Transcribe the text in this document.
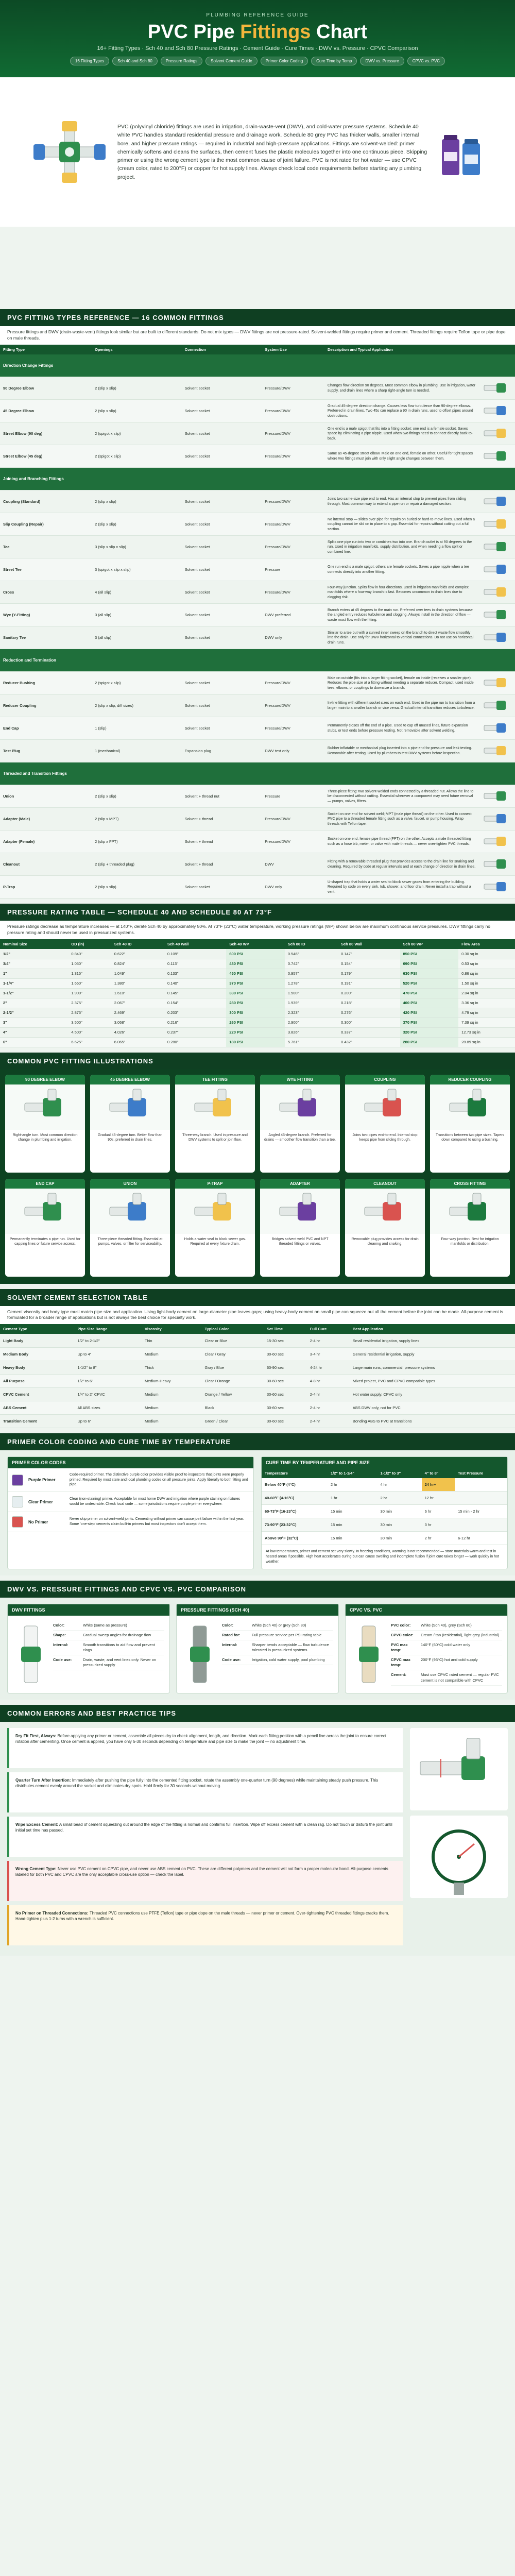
PLUMBING REFERENCE GUIDE
PVC Pipe Fittings Chart
16+ Fitting Types · Sch 40 and Sch 80 Pressure Ratings · Cement Guide · Cure Times · DWV vs. Pressure · CPVC Comparison
16 Fitting Types	Sch 40 and Sch 80	Pressure Ratings	Solvent Cement Guide	Primer Color Coding	Cure Time by Temp	DWV vs. Pressure	CPVC vs. PVC

PVC (polyvinyl chloride) fittings are used in irrigation, drain-waste-vent (DWV), and cold-water pressure systems. Schedule 40 white PVC handles standard residential pressure and drainage work. Schedule 80 grey PVC has thicker walls, smaller internal bore, and higher pressure ratings — required in industrial and high-pressure applications. Fittings are solvent-welded: primer chemically softens and cleans the surfaces, then cement fuses the plastic molecules together into one continuous piece. Skipping primer or using the wrong cement type is the most common cause of joint failure. PVC is not rated for hot water — use CPVC (cream color, rated to 200°F) or copper for hot supply lines. Always check local code requirements before starting any plumbing project.

PVC FITTING TYPES REFERENCE — 16 COMMON FITTINGS
Pressure fittings and DWV (drain-waste-vent) fittings look similar but are built to different standards. Do not mix types — DWV fittings are not pressure-rated. Solvent-welded fittings require primer and cement. Threaded fittings require Teflon tape or pipe dope on male threads.
Fitting Type	Openings	Connection	System Use	Description and Typical Application	
Direction Change Fittings					
90 Degree Elbow	2 (slip x slip)	Solvent socket	Pressure/DWV	Changes flow direction 90 degrees. Most common elbow in plumbing. Use in irrigation, water supply, and drain lines where a sharp right-angle turn is needed.	
45 Degree Elbow	2 (slip x slip)	Solvent socket	Pressure/DWV	Gradual 45-degree direction change. Causes less flow turbulence than 90-degree elbows. Preferred in drain lines. Two 45s can replace a 90 in drain runs, used to offset pipes around obstructions.	
Street Elbow (90 deg)	2 (spigot x slip)	Solvent socket	Pressure/DWV	One end is a male spigot that fits into a fitting socket; one end is a female socket. Saves space by eliminating a pipe nipple. Used when two fittings need to connect directly back-to-back.	
Street Elbow (45 deg)	2 (spigot x slip)	Solvent socket	Pressure/DWV	Same as 45-degree street elbow. Male on one end, female on other. Useful for tight spaces where two fittings must join with only slight angle changes between them.	
Joining and Branching Fittings					
Coupling (Standard)	2 (slip x slip)	Solvent socket	Pressure/DWV	Joins two same-size pipe end to end. Has an internal stop to prevent pipes from sliding through. Most common way to extend a pipe run or repair a damaged section.	
Slip Coupling (Repair)	2 (slip x slip)	Solvent socket	Pressure/DWV	No internal stop — slides over pipe for repairs on buried or hard-to-move lines. Used when a coupling cannot be slid on in place to a gap. Essential for repairs without cutting out a full section.	
Tee	3 (slip x slip x slip)	Solvent socket	Pressure/DWV	Splits one pipe run into two or combines two into one. Branch outlet is at 90 degrees to the run. Used in irrigation manifolds, supply distribution, and when needing a flow split or combined line.	
Street Tee	3 (spigot x slip x slip)	Solvent socket	Pressure	One run end is a male spigot; others are female sockets. Saves a pipe nipple when a tee connects directly into another fitting.	
Cross	4 (all slip)	Solvent socket	Pressure/DWV	Four-way junction. Splits flow in four directions. Used in irrigation manifolds and complex manifolds where a four-way branch is fast. Becomes uncommon in drain lines due to clogging risk.	
Wye (Y-Fitting)	3 (all slip)	Solvent socket	DWV preferred	Branch enters at 45 degrees to the main run. Preferred over tees in drain systems because the angled entry reduces turbulence and clogging. Always install in the direction of flow — waste must flow with the fitting.	
Sanitary Tee	3 (all slip)	Solvent socket	DWV only	Similar to a tee but with a curved inner sweep on the branch to direct waste flow smoothly into the drain. Use only for DWV horizontal to vertical connections. Do not use on horizontal drain runs.	
Reduction and Termination					
Reducer Bushing	2 (spigot x slip)	Solvent socket	Pressure/DWV	Male on outside (fits into a larger fitting socket), female on inside (receives a smaller pipe). Reduces the pipe size at a fitting without needing a separate reducer. Compact, used inside tees, elbows, or couplings to downsize a branch.	
Reducer Coupling	2 (slip x slip, diff sizes)	Solvent socket	Pressure/DWV	In-line fitting with different socket sizes on each end. Used in the pipe run to transition from a larger main to a smaller branch or vice versa. Gradual internal transition reduces turbulence.	
End Cap	1 (slip)	Solvent socket	Pressure/DWV	Permanently closes off the end of a pipe. Used to cap off unused lines, future expansion stubs, or test ends before pressure testing. Not removable after solvent welding.	
Test Plug	1 (mechanical)	Expansion plug	DWV test only	Rubber inflatable or mechanical plug inserted into a pipe end for pressure and leak testing. Removable after testing. Used by plumbers to test DWV systems before inspection.	
Threaded and Transition Fittings					
Union	2 (slip x slip)	Solvent + thread nut	Pressure	Three-piece fitting: two solvent-welded ends connected by a threaded nut. Allows the line to be disconnected without cutting. Essential wherever a component may need future removal — pumps, valves, filters.	
Adapter (Male)	2 (slip x MPT)	Solvent + thread	Pressure/DWV	Socket on one end for solvent weld; MPT (male pipe thread) on the other. Used to connect PVC pipe to a threaded female fitting such as a valve, faucet, or pump housing. Wrap threads with Teflon tape.	
Adapter (Female)	2 (slip x FPT)	Solvent + thread	Pressure/DWV	Socket on one end, female pipe thread (FPT) on the other. Accepts a male threaded fitting such as a hose bib, meter, or valve with male threads — never over-tighten PVC threads.	
Cleanout	2 (slip + threaded plug)	Solvent + thread	DWV	Fitting with a removable threaded plug that provides access to the drain line for snaking and cleaning. Required by code at regular intervals and at each change of direction in drain lines.	
P-Trap	2 (slip x slip)	Solvent socket	DWV only	U-shaped trap that holds a water seal to block sewer gases from entering the building. Required by code on every sink, tub, shower, and floor drain. Never install a trap without a vent.	
PRESSURE RATING TABLE — SCHEDULE 40 AND SCHEDULE 80 AT 73°F
Pressure ratings decrease as temperature increases — at 140°F, derate Sch 40 by approximately 50%. At 73°F (23°C) water temperature, working pressure ratings (WP) shown below are maximum continuous service pressures. DWV fittings carry no pressure rating and should never be used in pressurized systems.
Nominal Size	OD (in)	Sch 40 ID	Sch 40 Wall	Sch 40 WP	Sch 80 ID	Sch 80 Wall	Sch 80 WP	Flow Area
1/2"	0.840"	0.622"	0.109"	600 PSI	0.546"	0.147"	850 PSI	0.30 sq in
3/4"	1.050"	0.824"	0.113"	480 PSI	0.742"	0.154"	690 PSI	0.53 sq in
1"	1.315"	1.049"	0.133"	450 PSI	0.957"	0.179"	630 PSI	0.86 sq in
1-1/4"	1.660"	1.380"	0.140"	370 PSI	1.278"	0.191"	520 PSI	1.50 sq in
1-1/2"	1.900"	1.610"	0.145"	330 PSI	1.500"	0.200"	470 PSI	2.04 sq in
2"	2.375"	2.067"	0.154"	280 PSI	1.939"	0.218"	400 PSI	3.36 sq in
2-1/2"	2.875"	2.469"	0.203"	300 PSI	2.323"	0.276"	420 PSI	4.79 sq in
3"	3.500"	3.068"	0.216"	260 PSI	2.900"	0.300"	370 PSI	7.39 sq in
4"	4.500"	4.026"	0.237"	220 PSI	3.826"	0.337"	320 PSI	12.73 sq in
6"	6.625"	6.065"	0.280"	180 PSI	5.761"	0.432"	280 PSI	28.89 sq in
COMMON PVC FITTING ILLUSTRATIONS
90 DEGREE ELBOW
Right-angle turn. Most common direction change in plumbing and irrigation.
45 DEGREE ELBOW
Gradual 45-degree turn. Better flow than 90s, preferred in drain lines.
TEE FITTING
Three-way branch. Used in pressure and DWV systems to split or join flow.
WYE FITTING
Angled 45-degree branch. Preferred for drains — smoother flow transition than a tee.
COUPLING
Joins two pipes end-to-end. Internal stop keeps pipe from sliding through.
REDUCER COUPLING
Transitions between two pipe sizes. Tapers down compared to using a bushing.
END CAP
Permanently terminates a pipe run. Used for capping lines or future service access.
UNION
Three-piece threaded fitting. Essential at pumps, valves, or filter for serviceability.
P-TRAP
Holds a water seal to block sewer gas. Required at every fixture drain.
ADAPTER
Bridges solvent weld PVC and NPT threaded fittings or valves.
CLEANOUT
Removable plug provides access for drain cleaning and snaking.
CROSS FITTING
Four-way junction. Best for irrigation manifolds or distribution.
SOLVENT CEMENT SELECTION TABLE
Cement viscosity and body type must match pipe size and application. Using light-body cement on large-diameter pipe leaves gaps; using heavy-body cement on small pipe can squeeze out all the cement before the joint can be made. All-purpose cement is formulated for a broader range of applications but is not always the best choice for specialty work.
Cement Type	Pipe Size Range	Viscosity	Typical Color	Set Time	Full Cure	Best Application
Light Body	1/2" to 2-1/2"	Thin	Clear or Blue	15-30 sec	2-4 hr	Small residential irrigation, supply lines
Medium Body	Up to 4"	Medium	Clear / Gray	30-60 sec	3-4 hr	General residential irrigation, supply
Heavy Body	1-1/2" to 8"	Thick	Gray / Blue	60-90 sec	4-24 hr	Large main runs, commercial, pressure systems
All Purpose	1/2" to 6"	Medium-Heavy	Clear / Orange	30-60 sec	4-8 hr	Mixed project, PVC and CPVC compatible types
CPVC Cement	1/4" to 2" CPVC	Medium	Orange / Yellow	30-60 sec	2-4 hr	Hot water supply, CPVC only
ABS Cement	All ABS sizes	Medium	Black	30-60 sec	2-4 hr	ABS DWV only, not for PVC
Transition Cement	Up to 6"	Medium	Green / Clear	30-60 sec	2-4 hr	Bonding ABS to PVC at transitions
PRIMER COLOR CODING AND CURE TIME BY TEMPERATURE
PRIMER COLOR CODES
Purple Primer
Code-required primer. The distinctive purple color provides visible proof to inspectors that joints were properly primed. Required by most state and local plumbing codes on all pressure joints. Apply liberally to both fitting and pipe.
Clear Primer
Clear (non-staining) primer. Acceptable for most home DWV and irrigation where purple staining on fixtures would be undesirable. Check local code — some jurisdictions require purple primer everywhere.
No Primer
Never skip primer on solvent-weld joints. Cementing without primer can cause joint failure within the first year. Some 'one-step' cements claim built-in primers but most inspectors don't accept them.
CURE TIME BY TEMPERATURE AND PIPE SIZE
Temperature	1/2" to 1-1/4"	1-1/2" to 3"	4" to 8"	Test Pressure
Below 40°F (4°C)	2 hr	4 hr	24 hr+	
40-60°F (4-16°C)	1 hr	2 hr	12 hr	
60-73°F (16-23°C)	15 min	30 min	6 hr	15 min - 2 hr
73-90°F (23-32°C)	15 min	30 min	3 hr	
Above 90°F (32°C)	15 min	30 min	2 hr	6-12 hr
At low temperatures, primer and cement set very slowly. In freezing conditions, warming is not recommended — store materials warm and test in heated areas if possible. High heat accelerates curing but can cause swelling and incomplete fusion if joint cure takes longer — work quickly in hot weather.
DWV VS. PRESSURE FITTINGS AND CPVC VS. PVC COMPARISON
DWV FITTINGS
Color:	White (same as pressure)
Shape:	Gradual sweep angles for drainage flow
Internal:	Smooth transitions to aid flow and prevent clogs
Code use:	Drain, waste, and vent lines only. Never on pressurized supply
PRESSURE FITTINGS (SCH 40)
Color:	White (Sch 40) or grey (Sch 80)
Rated for:	Full pressure service per PSI rating table
Internal:	Sharper bends acceptable — flow turbulence tolerated in pressurized systems
Code use:	Irrigation, cold water supply, pool plumbing
CPVC VS. PVC
PVC color:	White (Sch 40), grey (Sch 80)
CPVC color:	Cream / tan (residential), light grey (industrial)
PVC max temp:
140°F (60°C) cold water only
CPVC max temp:
200°F (93°C) hot and cold supply
Cement:	Must use CPVC rated cement — regular PVC cement is not compatible with CPVC
COMMON ERRORS AND BEST PRACTICE TIPS
Dry Fit First, Always: Before applying any primer or cement, assemble all pieces dry to check alignment, length, and direction. Mark each fitting position with a pencil line across the joint to ensure correct rotation after cementing. Once cement is applied, you have only 5-30 seconds depending on temperature and pipe size to make the joint — no adjustment time.
Quarter Turn After Insertion: Immediately after pushing the pipe fully into the cemented fitting socket, rotate the assembly one-quarter turn (90 degrees) while maintaining steady push pressure. This distributes cement evenly around the socket and eliminates dry spots. Hold firmly for 30 seconds without moving.
Wipe Excess Cement: A small bead of cement squeezing out around the edge of the fitting is normal and confirms full insertion. Wipe off excess cement with a clean rag. Do not touch or disturb the joint until initial set time has passed.
Wrong Cement Type: Never use PVC cement on CPVC pipe, and never use ABS cement on PVC. These are different polymers and the cement will not form a proper molecular bond. All-purpose cements labeled for both PVC and CPVC are the only acceptable cross-use option — check the label.
No Primer on Threaded Connections: Threaded PVC connections use PTFE (Teflon) tape or pipe dope on the male threads — never primer or cement. Over-tightening PVC threaded fittings cracks them. Hand-tighten plus 1-2 turns with a wrench is sufficient.
